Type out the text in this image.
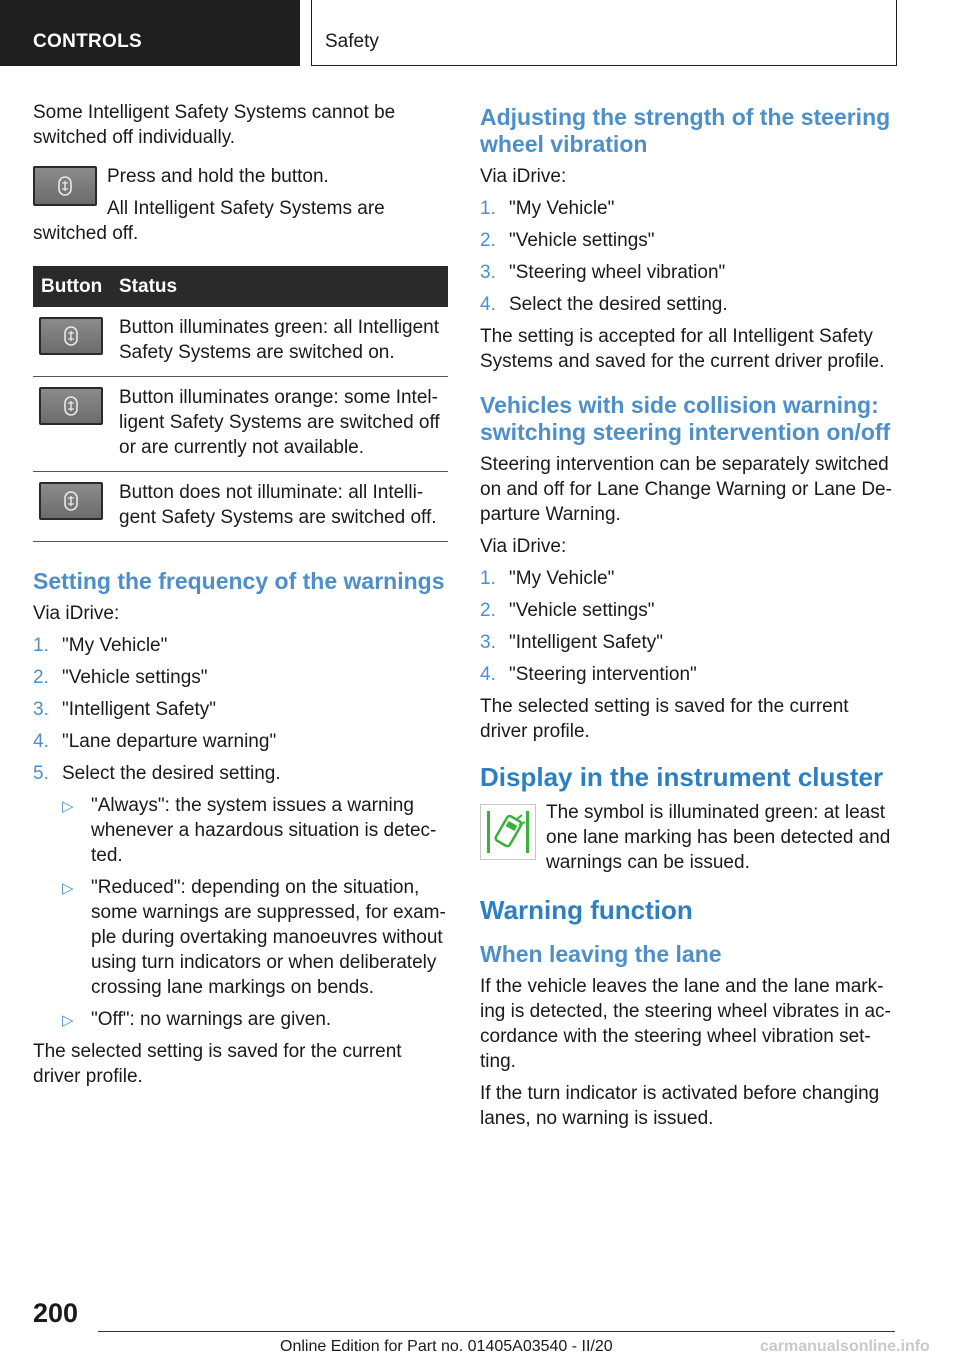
CONTROLS	Safety

Some Intelligent Safety Systems cannot be switched off individually.

Press and hold the button.

All Intelligent Safety Systems are

switched off.

Button	Status

	Button illuminates green: all Intelligent Safety Systems are switched on.

	Button illuminates orange: some Intel‐ligent Safety Systems are switched off or are currently not available.

	Button does not illuminate: all Intelli‐gent Safety Systems are switched off.
Setting the frequency of the warnings

Via iDrive:

1. "My Vehicle"
2. "Vehicle settings"
3. "Intelligent Safety"
4. "Lane departure warning"
5. Select the desired setting.
▷ "Always": the system issues a warning whenever a hazardous situation is detec‐ted.
▷ "Reduced": depending on the situation, some warnings are suppressed, for exam‐ple during overtaking manoeuvres without using turn indicators or when deliberately crossing lane markings on bends.
▷ "Off": no warnings are given.

The selected setting is saved for the current driver profile.

Adjusting the strength of the steering wheel vibration

Via iDrive:

1. "My Vehicle"
2. "Vehicle settings"
3. "Steering wheel vibration"
4. Select the desired setting.

The setting is accepted for all Intelligent Safety Systems and saved for the current driver profile.

Vehicles with side collision warning: switching steering intervention on/off

Steering intervention can be separately switched on and off for Lane Change Warning or Lane De‐parture Warning.

Via iDrive:

1. "My Vehicle"
2. "Vehicle settings"
3. "Intelligent Safety"
4. "Steering intervention"

The selected setting is saved for the current driver profile.

Display in the instrument cluster

The symbol is illuminated green: at least one lane marking has been detected and warnings can be issued.

Warning function
When leaving the lane

If the vehicle leaves the lane and the lane mark‐ing is detected, the steering wheel vibrates in ac‐cordance with the steering wheel vibration set‐ting.

If the turn indicator is activated before changing lanes, no warning is issued.

200
Online Edition for Part no. 01405A03540 - II/20	carmanualsonline.info
